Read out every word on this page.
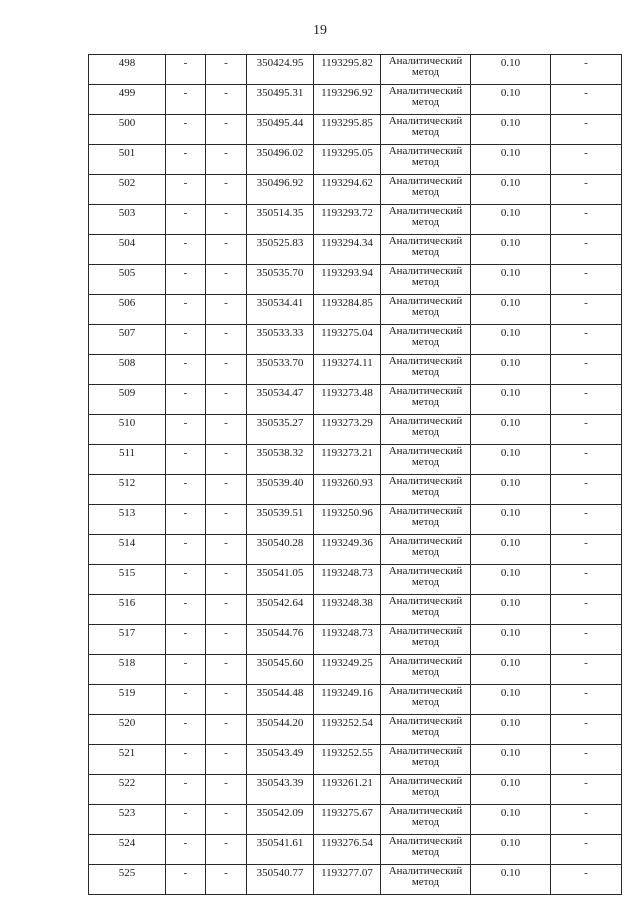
19
498	-	-	350424.95	1193295.82	Аналитический метод	0.10	-
499	-	-	350495.31	1193296.92	Аналитический метод	0.10	-
500	-	-	350495.44	1193295.85	Аналитический метод	0.10	-
501	-	-	350496.02	1193295.05	Аналитический метод	0.10	-
502	-	-	350496.92	1193294.62	Аналитический метод	0.10	-
503	-	-	350514.35	1193293.72	Аналитический метод	0.10	-
504	-	-	350525.83	1193294.34	Аналитический метод	0.10	-
505	-	-	350535.70	1193293.94	Аналитический метод	0.10	-
506	-	-	350534.41	1193284.85	Аналитический метод	0.10	-
507	-	-	350533.33	1193275.04	Аналитический метод	0.10	-
508	-	-	350533.70	1193274.11	Аналитический метод	0.10	-
509	-	-	350534.47	1193273.48	Аналитический метод	0.10	-
510	-	-	350535.27	1193273.29	Аналитический метод	0.10	-
511	-	-	350538.32	1193273.21	Аналитический метод	0.10	-
512	-	-	350539.40	1193260.93	Аналитический метод	0.10	-
513	-	-	350539.51	1193250.96	Аналитический метод	0.10	-
514	-	-	350540.28	1193249.36	Аналитический метод	0.10	-
515	-	-	350541.05	1193248.73	Аналитический метод	0.10	-
516	-	-	350542.64	1193248.38	Аналитический метод	0.10	-
517	-	-	350544.76	1193248.73	Аналитический метод	0.10	-
518	-	-	350545.60	1193249.25	Аналитический метод	0.10	-
519	-	-	350544.48	1193249.16	Аналитический метод	0.10	-
520	-	-	350544.20	1193252.54	Аналитический метод	0.10	-
521	-	-	350543.49	1193252.55	Аналитический метод	0.10	-
522	-	-	350543.39	1193261.21	Аналитический метод	0.10	-
523	-	-	350542.09	1193275.67	Аналитический метод	0.10	-
524	-	-	350541.61	1193276.54	Аналитический метод	0.10	-
525	-	-	350540.77	1193277.07	Аналитический метод	0.10	-
